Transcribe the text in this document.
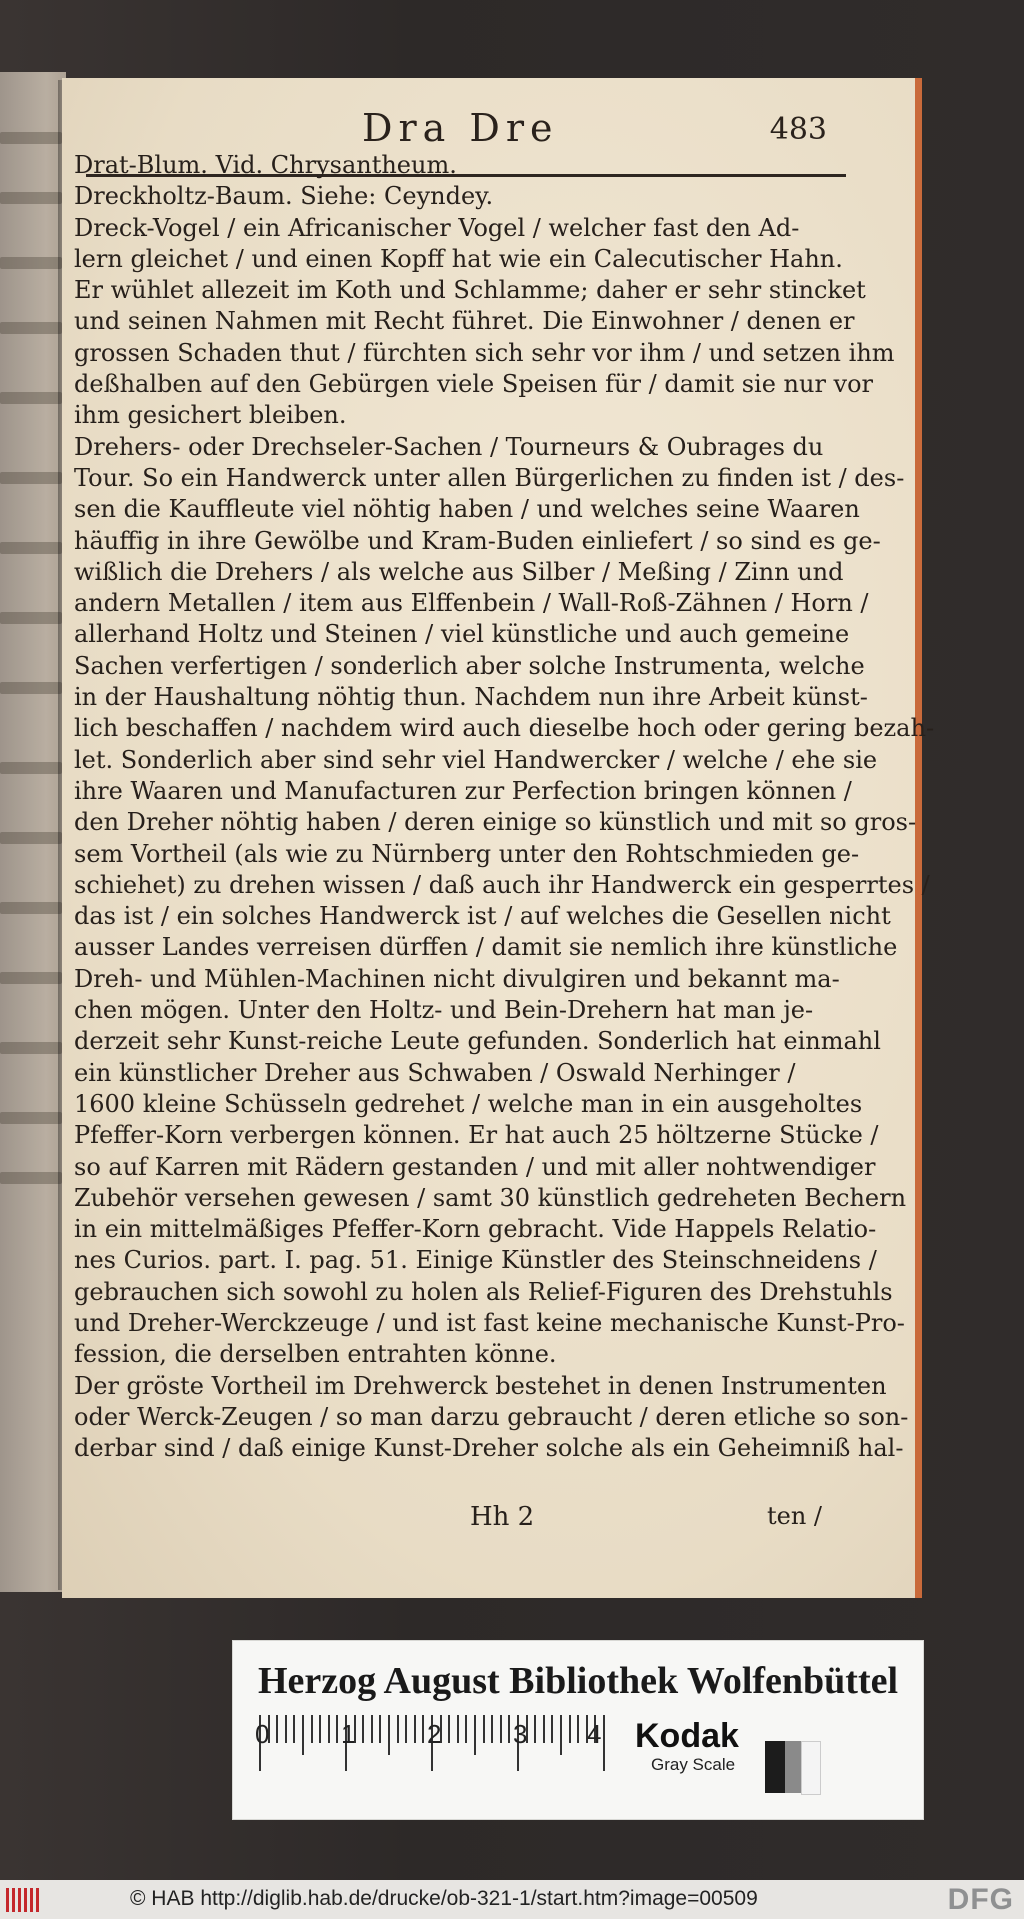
Dra Dre	483
Drat-Blum. Vid. Chrysantheum.
Dreckholtz-Baum. Siehe: Ceyndey.
Dreck-Vogel / ein Africanischer Vogel / welcher fast den Ad-
lern gleichet / und einen Kopff hat wie ein Calecutischer Hahn.
Er wühlet allezeit im Koth und Schlamme; daher er sehr stincket
und seinen Nahmen mit Recht führet. Die Einwohner / denen er
grossen Schaden thut / fürchten sich sehr vor ihm / und setzen ihm
deßhalben auf den Gebürgen viele Speisen für / damit sie nur vor
ihm gesichert bleiben.
Drehers- oder Drechseler-Sachen / Tourneurs & Oubrages du
Tour. So ein Handwerck unter allen Bürgerlichen zu finden ist / des-
sen die Kauffleute viel nöhtig haben / und welches seine Waaren
häuffig in ihre Gewölbe und Kram-Buden einliefert / so sind es ge-
wißlich die Drehers / als welche aus Silber / Meßing / Zinn und
andern Metallen / item aus Elffenbein / Wall-Roß-Zähnen / Horn /
allerhand Holtz und Steinen / viel künstliche und auch gemeine
Sachen verfertigen / sonderlich aber solche Instrumenta, welche
in der Haushaltung nöhtig thun. Nachdem nun ihre Arbeit künst-
lich beschaffen / nachdem wird auch dieselbe hoch oder gering bezah-
let. Sonderlich aber sind sehr viel Handwercker / welche / ehe sie
ihre Waaren und Manufacturen zur Perfection bringen können /
den Dreher nöhtig haben / deren einige so künstlich und mit so gros-
sem Vortheil (als wie zu Nürnberg unter den Rohtschmieden ge-
schiehet) zu drehen wissen / daß auch ihr Handwerck ein gesperrtes /
das ist / ein solches Handwerck ist / auf welches die Gesellen nicht
ausser Landes verreisen dürffen / damit sie nemlich ihre künstliche
Dreh- und Mühlen-Machinen nicht divulgiren und bekannt ma-
chen mögen. Unter den Holtz- und Bein-Drehern hat man je-
derzeit sehr Kunst-reiche Leute gefunden. Sonderlich hat einmahl
ein künstlicher Dreher aus Schwaben / Oswald Nerhinger /
1600 kleine Schüsseln gedrehet / welche man in ein ausgeholtes
Pfeffer-Korn verbergen können. Er hat auch 25 höltzerne Stücke /
so auf Karren mit Rädern gestanden / und mit aller nohtwendiger
Zubehör versehen gewesen / samt 30 künstlich gedreheten Bechern
in ein mittelmäßiges Pfeffer-Korn gebracht. Vide Happels Relatio-
nes Curios. part. I. pag. 51. Einige Künstler des Steinschneidens /
gebrauchen sich sowohl zu holen als Relief-Figuren des Drehstuhls
und Dreher-Werckzeuge / und ist fast keine mechanische Kunst-Pro-
fession, die derselben entrahten könne.
Der gröste Vortheil im Drehwerck bestehet in denen Instrumenten
oder Werck-Zeugen / so man darzu gebraucht / deren etliche so son-
derbar sind / daß einige Kunst-Dreher solche als ein Geheimniß hal-
Hh 2	ten /
Herzog August Bibliothek Wolfenbüttel
0	1	2	3 4 Kodak
Gray Scale
© HAB http://diglib.hab.de/drucke/ob-321-1/start.htm?image=00509	DFG
